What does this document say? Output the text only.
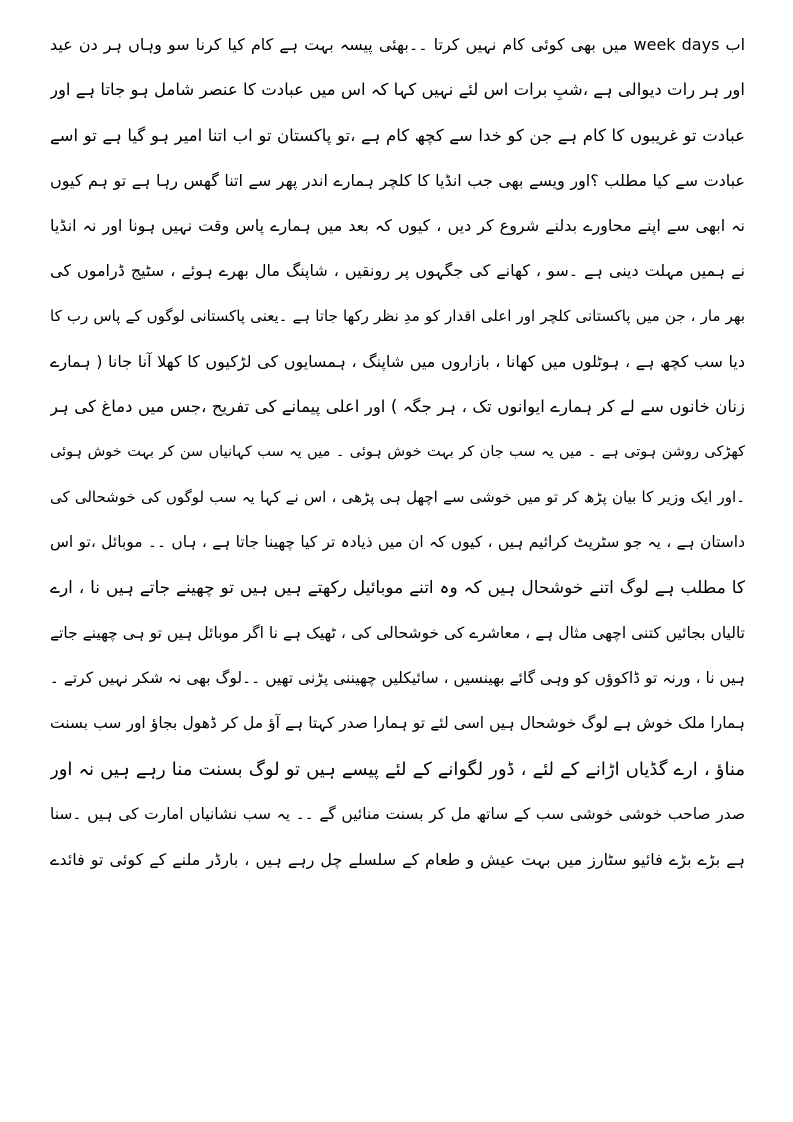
اب week days میں بھی کوئی کام نہیں کرتا ۔۔بھئی پیسہ بہت ہے کام کیا کرنا سو وہاں ہر دن عید
اور ہر رات دیوالی ہے ،شبِ برات اس لئے نہیں کہا کہ اس میں عبادت کا عنصر شامل ہو جاتا ہے اور
عبادت تو غریبوں کا کام ہے جن کو خدا سے کچھ کام ہے ،تو پاکستان تو اب اتنا امیر ہو گیا ہے تو اسے
عبادت سے کیا مطلب ؟اور ویسے بھی جب انڈیا کا کلچر ہمارے اندر پھر سے اتنا گھس رہا ہے تو ہم کیوں
نہ ابھی سے اپنے محاورے بدلنے شروع کر دیں ، کیوں کہ بعد میں ہمارے پاس وقت نہیں ہونا اور نہ انڈیا
نے ہمیں مہلت دینی ہے ۔سو ، کھانے کی جگہوں پر رونقیں ، شاپنگ مال بھرے ہوئے ، سٹیج ڈراموں کی
بھر مار ، جن میں پاکستانی کلچر اور اعلی اقدار کو مدِ نظر رکھا جاتا ہے ۔یعنی پاکستانی لوگوں کے پاس رب کا
دیا سب کچھ ہے ، ہوٹلوں میں کھانا ، بازاروں میں شاپنگ ، ہمسایوں کی لڑکیوں کا کھلا آنا جانا ( ہمارے
زنان خانوں سے لے کر ہمارے ایوانوں تک ، ہر جگہ ) اور اعلی پیمانے کی تفریح ،جس میں دماغ کی ہر
کھڑکی روشن ہوتی ہے ۔ میں یہ سب جان کر بہت خوش ہوئی ۔ میں یہ سب کہانیاں سن کر بہت خوش ہوئی
۔اور ایک وزیر کا بیان پڑھ کر تو میں خوشی سے اچھل ہی پڑھی ، اس نے کہا یہ سب لوگوں کی خوشحالی کی
داستان ہے ، یہ جو سٹریٹ کرائیم ہیں ، کیوں کہ ان میں ذیادہ تر کیا چھینا جاتا ہے ، ہاں ۔۔ موبائل ،تو اس
کا مطلب ہے لوگ اتنے خوشحال ہیں کہ وہ اتنے موبائیل رکھتے ہیں ہیں تو چھینے جاتے ہیں نا ، ارے
تالیاں بجائیں کتنی اچھی مثال ہے ، معاشرے کی خوشحالی کی ، ٹھیک ہے نا اگر موبائل ہیں تو ہی چھینے جاتے
ہیں نا ، ورنہ تو ڈاکوؤں کو وہی گائے بھینسیں ، سائیکلیں چھیننی پڑنی تھیں ۔۔لوگ بھی نہ شکر نہیں کرتے ۔
ہمارا ملک خوش ہے لوگ خوشحال ہیں اسی لئے تو ہمارا صدر کہتا ہے آؤ مل کر ڈھول بجاؤ اور سب بسنت
مناؤ ، ارے گڈیاں اڑانے کے لئے ، ڈور لگوانے کے لئے پیسے ہیں تو لوگ بسنت منا رہے ہیں نہ اور
صدر صاحب خوشی خوشی سب کے ساتھ مل کر بسنت منائیں گے ۔۔ یہ سب نشانیاں امارت کی ہیں ۔سنا
ہے بڑے بڑے فائیو سٹارز میں بہت عیش و طعام کے سلسلے چل رہے ہیں ، بارڈر ملنے کے کوئی تو فائدے
